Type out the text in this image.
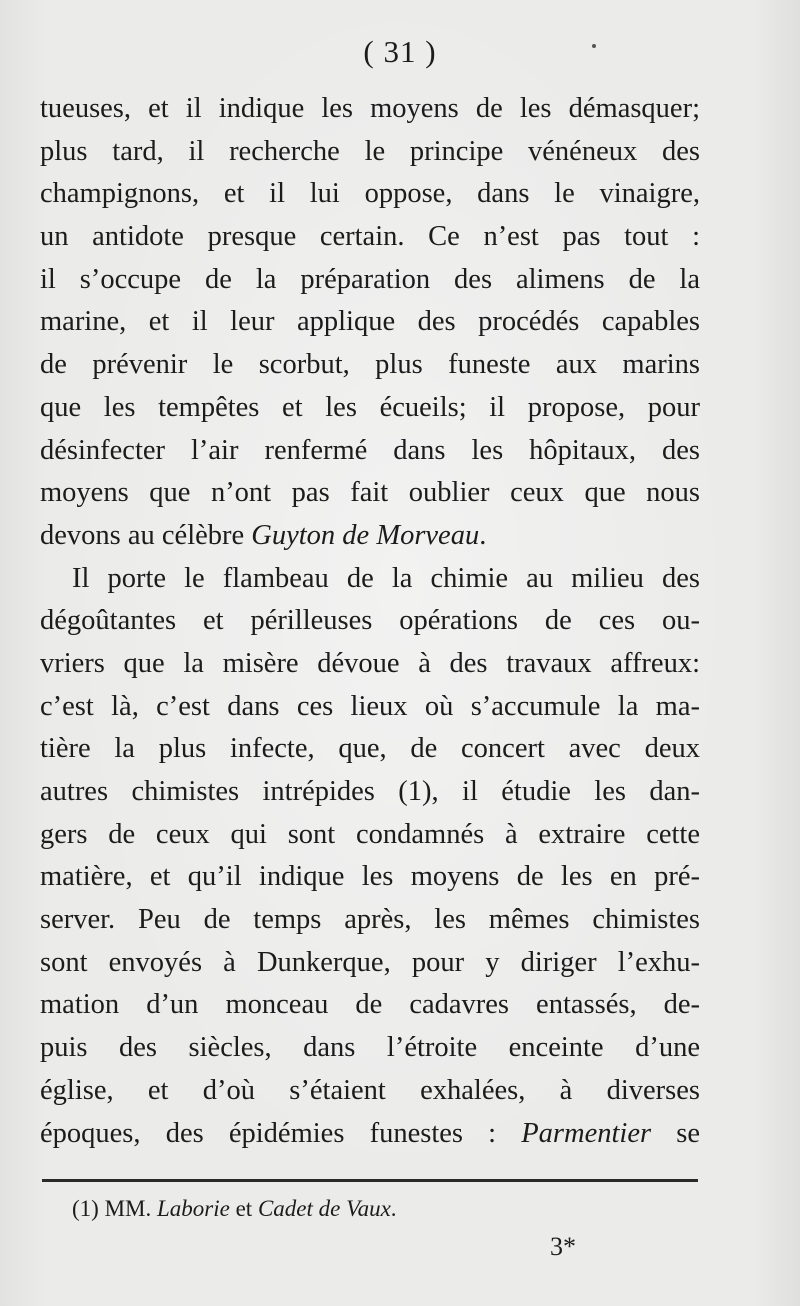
( 31 )
tueuses, et il indique les moyens de les démasquer;
plus tard, il recherche le principe vénéneux des
champignons, et il lui oppose, dans le vinaigre,
un antidote presque certain. Ce n’est pas tout :
il s’occupe de la préparation des alimens de la
marine, et il leur applique des procédés capables
de prévenir le scorbut, plus funeste aux marins
que les tempêtes et les écueils; il propose, pour
désinfecter l’air renfermé dans les hôpitaux, des
moyens que n’ont pas fait oublier ceux que nous
devons au célèbre Guyton de Morveau.
Il porte le flambeau de la chimie au milieu des
dégoûtantes et périlleuses opérations de ces ou-
vriers que la misère dévoue à des travaux affreux:
c’est là, c’est dans ces lieux où s’accumule la ma-
tière la plus infecte, que, de concert avec deux
autres chimistes intrépides (1), il étudie les dan-
gers de ceux qui sont condamnés à extraire cette
matière, et qu’il indique les moyens de les en pré-
server. Peu de temps après, les mêmes chimistes
sont envoyés à Dunkerque, pour y diriger l’exhu-
mation d’un monceau de cadavres entassés, de-
puis des siècles, dans l’étroite enceinte d’une
église, et d’où s’étaient exhalées, à diverses
époques, des épidémies funestes : Parmentier se
(1) MM. Laborie et Cadet de Vaux.
3*
